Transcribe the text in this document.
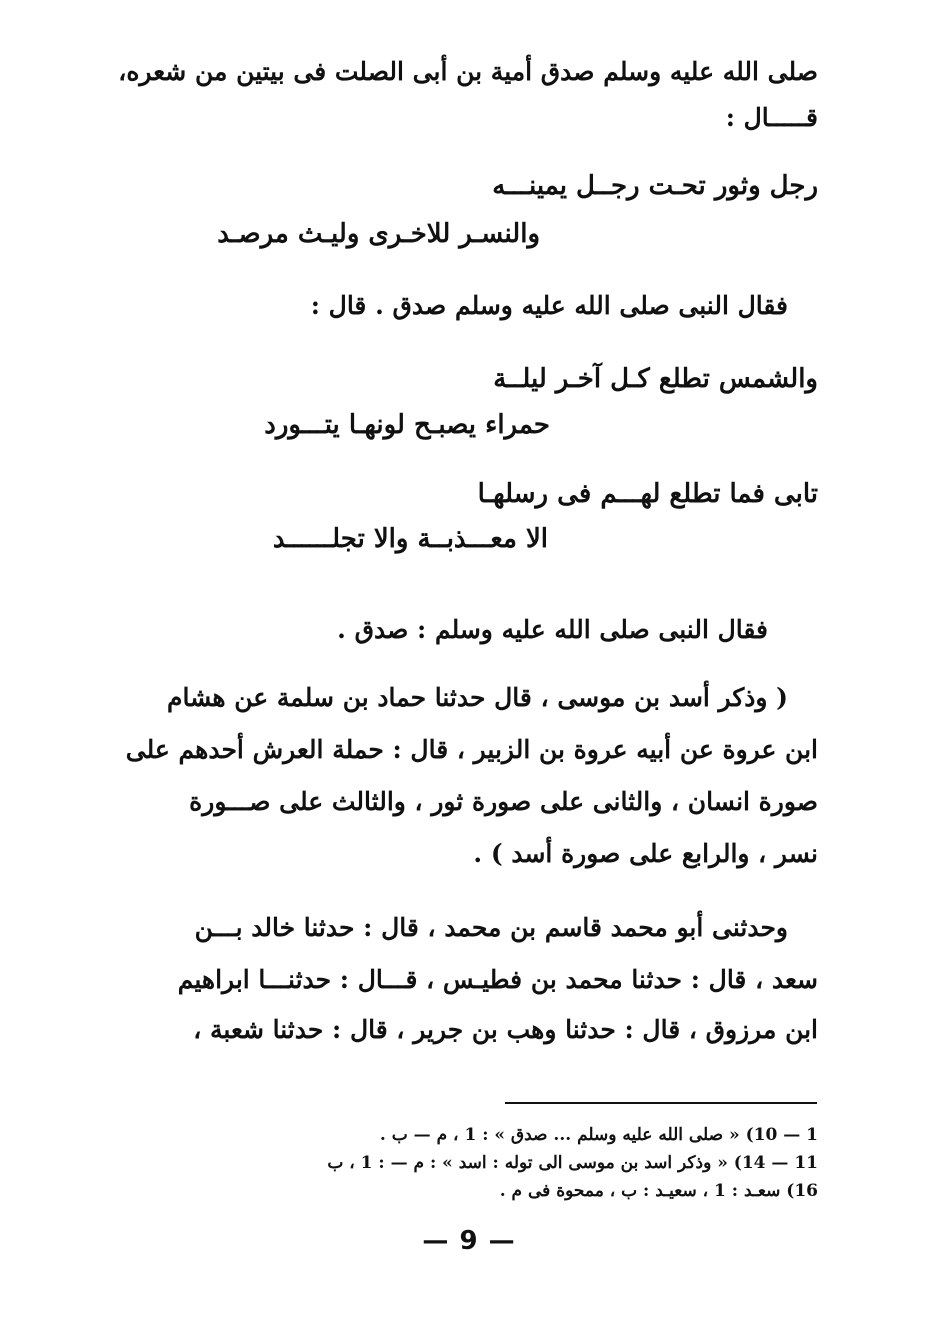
صلى الله عليه وسلم صدق أمية بن أبى الصلت فى بيتين من شعره،
قـــــال :
رجل وثور تحـت رجــل يمينـــه
والنسـر للاخـرى وليـث مرصـد
فقال النبى صلى الله عليه وسلم صدق . قال :
والشمس تطلع كـل آخـر ليلــة
حمراء يصبـح لونهـا يتـــورد
تابى فما تطلع لهـــم فى رسلهـا
الا معـــذبــة والا تجلــــــد
فقال النبى صلى الله عليه وسلم : صدق .
( وذكر أسد بن موسى ، قال حدثنا حماد بن سلمة عن هشام
ابن عروة عن أبيه عروة بن الزبير ، قال : حملة العرش أحدهم على
صورة انسان ، والثانى على صورة ثور ، والثالث على صـــورة
نسر ، والرابع على صورة أسد ) .
وحدثنى أبو محمد قاسم بن محمد ، قال : حدثنا خالد بـــن
سعد ، قال : حدثنا محمد بن فطيـس ، قـــال : حدثنـــا ابراهيم
ابن مرزوق ، قال : حدثنا وهب بن جرير ، قال : حدثنا شعبة ،
1 — 10) « صلى الله عليه وسلم ... صدق » : 1 ، م — ب .
11 — 14) « وذكر اسد بن موسى الى توله : اسد » : م — : 1 ، ب
16) سعـد : 1 ، سعيـد : ب ، ممحوة فى م .
— 9 —
